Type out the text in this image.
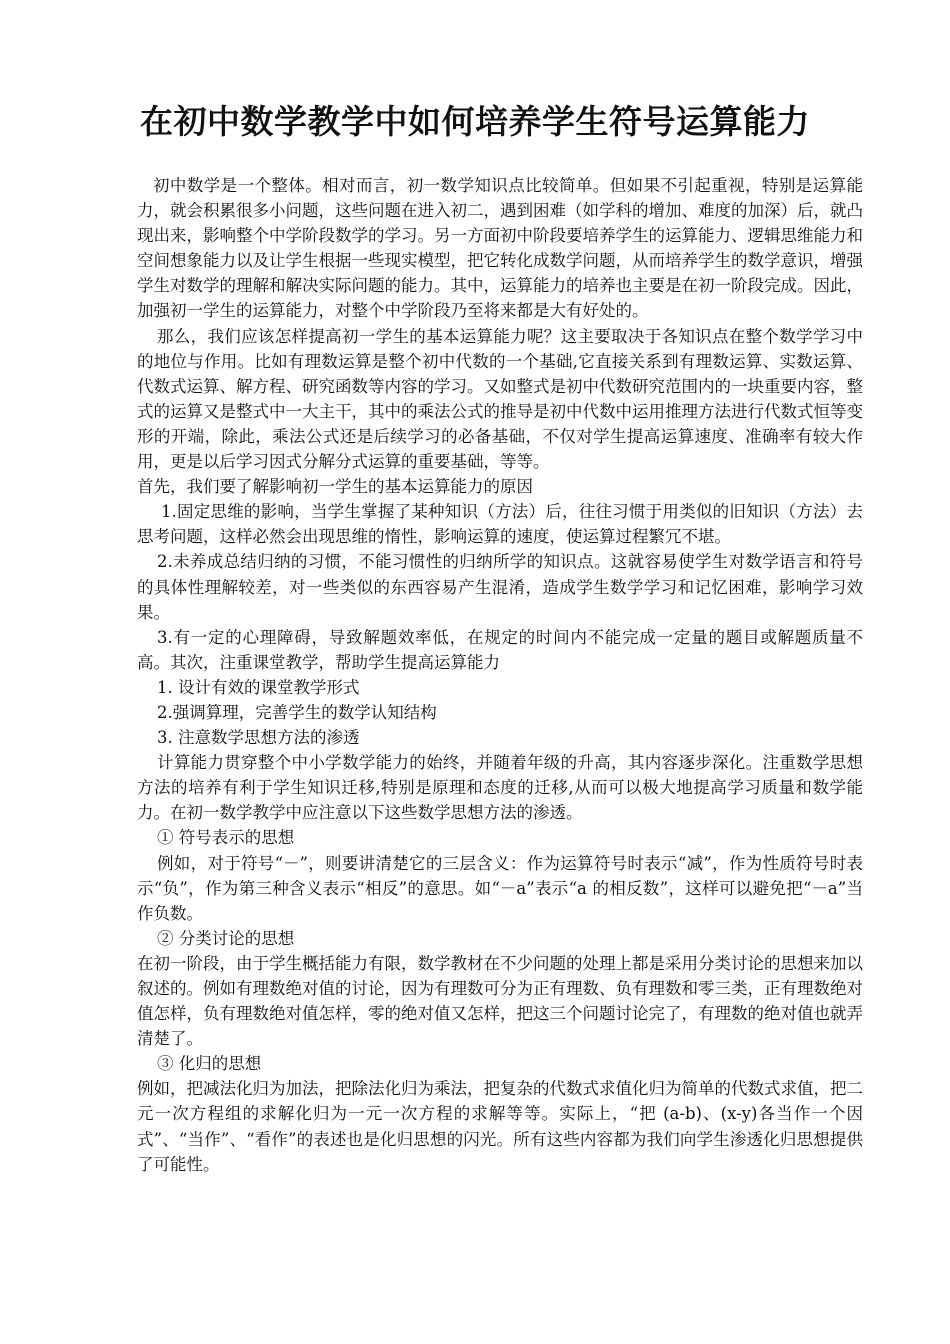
在初中数学教学中如何培养学生符号运算能力

初中数学是一个整体。相对而言，初一数学知识点比较简单。但如果不引起重视，特别是运算能力，就会积累很多小问题，这些问题在进入初二，遇到困难（如学科的增加、难度的加深）后，就凸现出来，影响整个中学阶段数学的学习。另一方面初中阶段要培养学生的运算能力、逻辑思维能力和空间想象能力以及让学生根据一些现实模型，把它转化成数学问题，从而培养学生的数学意识，增强学生对数学的理解和解决实际问题的能力。其中，运算能力的培养也主要是在初一阶段完成。因此，加强初一学生的运算能力，对整个中学阶段乃至将来都是大有好处的。

那么，我们应该怎样提高初一学生的基本运算能力呢？这主要取决于各知识点在整个数学学习中的地位与作用。比如有理数运算是整个初中代数的一个基础,它直接关系到有理数运算、实数运算、代数式运算、解方程、研究函数等内容的学习。又如整式是初中代数研究范围内的一块重要内容，整式的运算又是整式中一大主干，其中的乘法公式的推导是初中代数中运用推理方法进行代数式恒等变形的开端，除此，乘法公式还是后续学习的必备基础，不仅对学生提高运算速度、准确率有较大作用，更是以后学习因式分解分式运算的重要基础，等等。

首先，我们要了解影响初一学生的基本运算能力的原因

1.固定思维的影响，当学生掌握了某种知识（方法）后，往往习惯于用类似的旧知识（方法）去思考问题，这样必然会出现思维的惰性，影响运算的速度，使运算过程繁冗不堪。

2.未养成总结归纳的习惯，不能习惯性的归纳所学的知识点。这就容易使学生对数学语言和符号的具体性理解较差，对一些类似的东西容易产生混淆，造成学生数学学习和记忆困难，影响学习效果。

3.有一定的心理障碍，导致解题效率低，在规定的时间内不能完成一定量的题目或解题质量不高。其次，注重课堂教学，帮助学生提高运算能力

1. 设计有效的课堂教学形式

2.强调算理，完善学生的数学认知结构

3. 注意数学思想方法的渗透

计算能力贯穿整个中小学数学能力的始终，并随着年级的升高，其内容逐步深化。注重数学思想方法的培养有利于学生知识迁移,特别是原理和态度的迁移,从而可以极大地提高学习质量和数学能力。在初一数学教学中应注意以下这些数学思想方法的渗透。

① 符号表示的思想

例如，对于符号“－”，则要讲清楚它的三层含义：作为运算符号时表示“减”，作为性质符号时表示“负”，作为第三种含义表示“相反”的意思。如“－a”表示“a 的相反数”，这样可以避免把“－a”当作负数。

② 分类讨论的思想

在初一阶段，由于学生概括能力有限，数学教材在不少问题的处理上都是采用分类讨论的思想来加以叙述的。例如有理数绝对值的讨论，因为有理数可分为正有理数、负有理数和零三类，正有理数绝对值怎样，负有理数绝对值怎样，零的绝对值又怎样，把这三个问题讨论完了，有理数的绝对值也就弄清楚了。

③ 化归的思想

例如，把减法化归为加法，把除法化归为乘法，把复杂的代数式求值化归为简单的代数式求值，把二元一次方程组的求解化归为一元一次方程的求解等等。实际上，“把 (a-b)、(x-y)各当作一个因式”、“当作”、“看作”的表述也是化归思想的闪光。所有这些内容都为我们向学生渗透化归思想提供了可能性。
